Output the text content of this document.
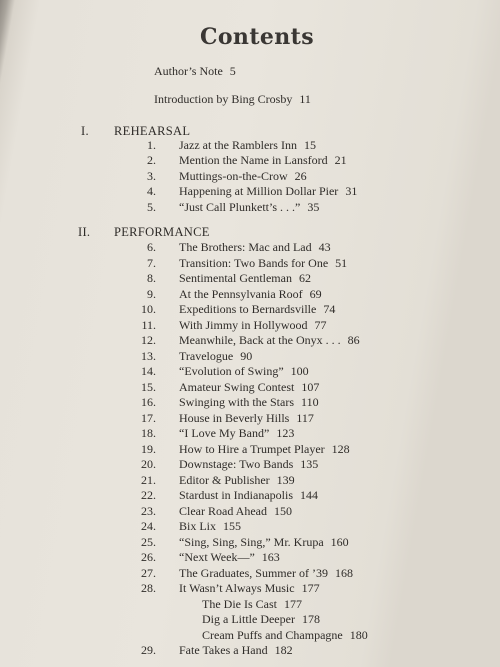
Contents
Author’s Note 5
Introduction by Bing Crosby 11
I. REHEARSAL
1. Jazz at the Ramblers Inn 15
2. Mention the Name in Lansford 21
3. Muttings-on-the-Crow 26
4. Happening at Million Dollar Pier 31
5. “Just Call Plunkett’s . . .” 35
II. PERFORMANCE
6. The Brothers: Mac and Lad 43
7. Transition: Two Bands for One 51
8. Sentimental Gentleman 62
9. At the Pennsylvania Roof 69
10. Expeditions to Bernardsville 74
11. With Jimmy in Hollywood 77
12. Meanwhile, Back at the Onyx . . . 86
13. Travelogue 90
14. “Evolution of Swing” 100
15. Amateur Swing Contest 107
16. Swinging with the Stars 110
17. House in Beverly Hills 117
18. “I Love My Band” 123
19. How to Hire a Trumpet Player 128
20. Downstage: Two Bands 135
21. Editor & Publisher 139
22. Stardust in Indianapolis 144
23. Clear Road Ahead 150
24. Bix Lix 155
25. “Sing, Sing, Sing,” Mr. Krupa 160
26. “Next Week—” 163
27. The Graduates, Summer of ’39 168
28. It Wasn’t Always Music 177
The Die Is Cast 177
Dig a Little Deeper 178
Cream Puffs and Champagne 180
29. Fate Takes a Hand 182
